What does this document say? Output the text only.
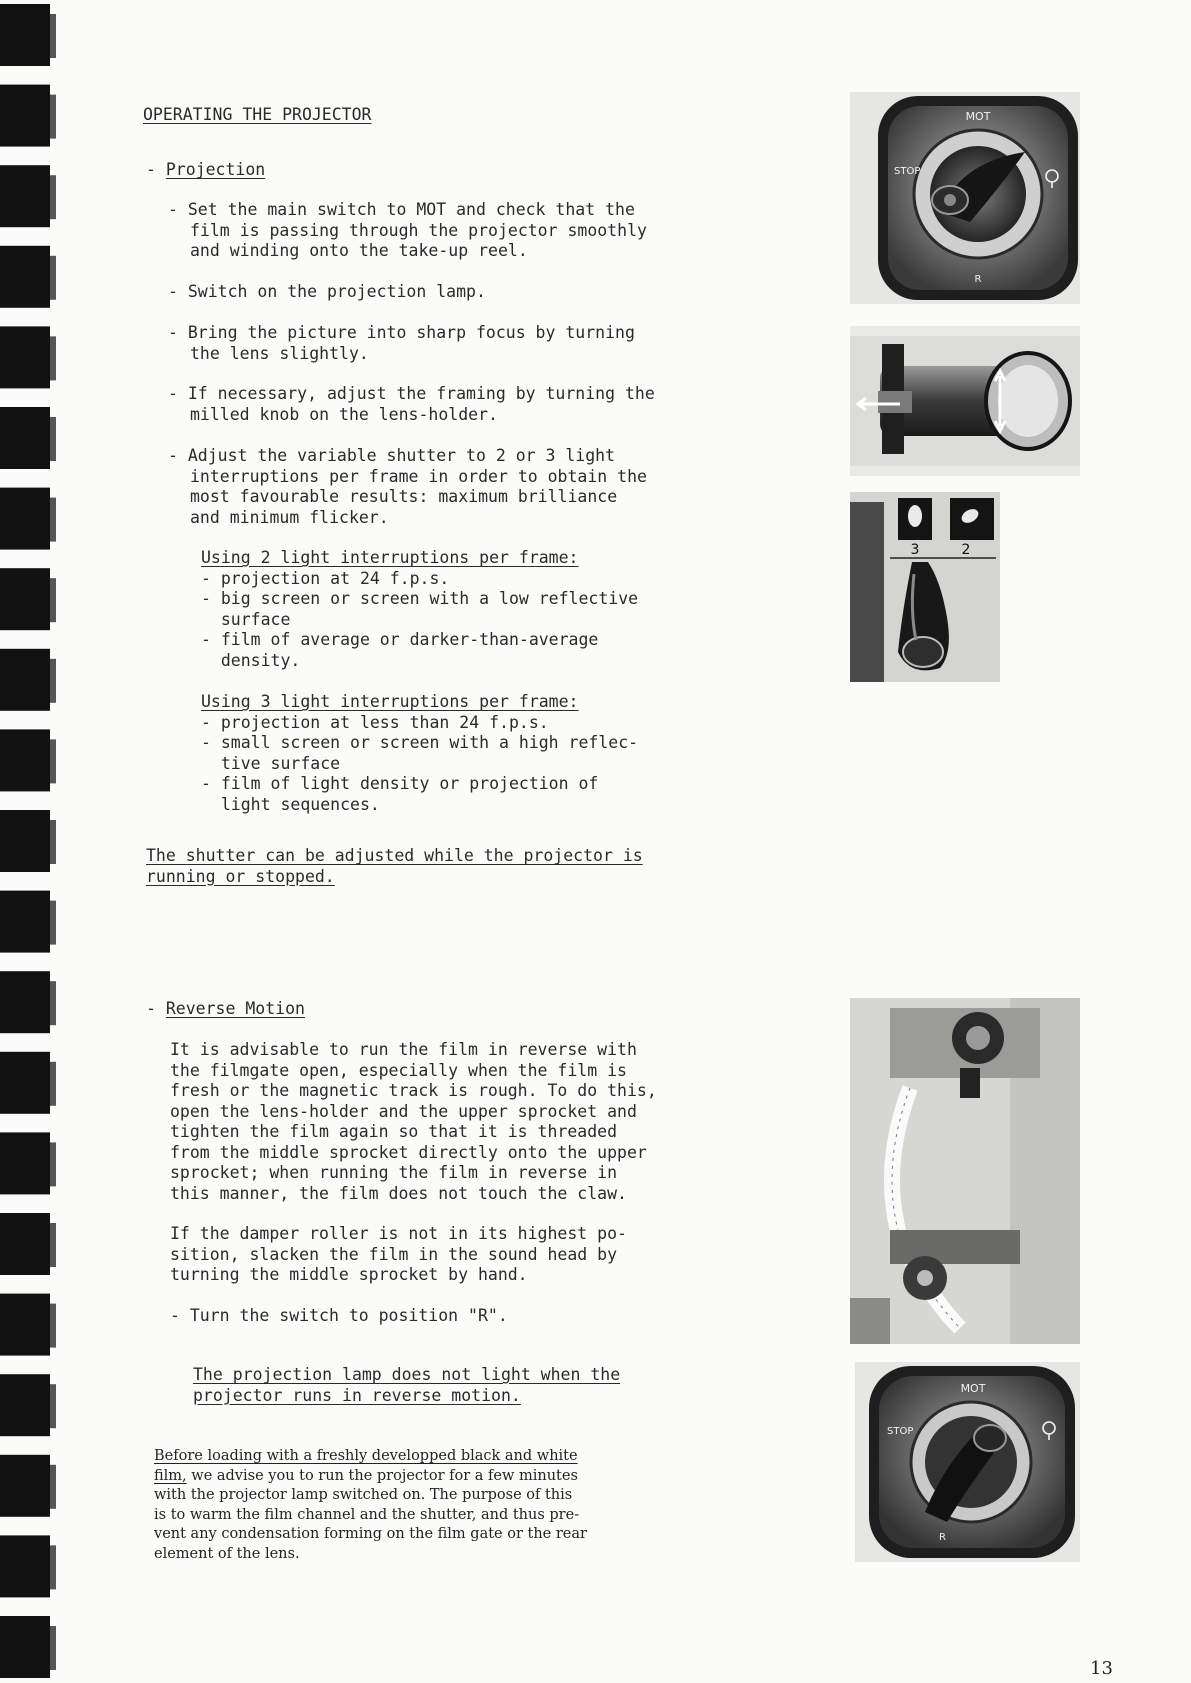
OPERATING THE PROJECTOR
- Projection
- Set the main switch to MOT and check that the
film is passing through the projector smoothly
and winding onto the take-up reel.
- Switch on the projection lamp.
- Bring the picture into sharp focus by turning
the lens slightly.
- If necessary, adjust the framing by turning the
milled knob on the lens-holder.
- Adjust the variable shutter to 2 or 3 light
interruptions per frame in order to obtain the
most favourable results: maximum brilliance
and minimum flicker.
Using 2 light interruptions per frame:
- projection at 24 f.p.s.
- big screen or screen with a low reflective
surface
- film of average or darker-than-average
density.
Using 3 light interruptions per frame:
- projection at less than 24 f.p.s.
- small screen or screen with a high reflec-
tive surface
- film of light density or projection of
light sequences.
The shutter can be adjusted while the projector is
running or stopped.
- Reverse Motion
It is advisable to run the film in reverse with
the filmgate open, especially when the film is
fresh or the magnetic track is rough. To do this,
open the lens-holder and the upper sprocket and
tighten the film again so that it is threaded
from the middle sprocket directly onto the upper
sprocket; when running the film in reverse in
this manner, the film does not touch the claw.
If the damper roller is not in its highest po-
sition, slacken the film in the sound head by
turning the middle sprocket by hand.
- Turn the switch to position "R".
The projection lamp does not light when the
projector runs in reverse motion.
Before loading with a freshly developped black and white
film, we advise you to run the projector for a few minutes
with the projector lamp switched on. The purpose of this
is to warm the film channel and the shutter, and thus pre-
vent any condensation forming on the film gate or the rear
element of the lens.
13
MOT
STOP
R
3	2
MOT
STOP
R
